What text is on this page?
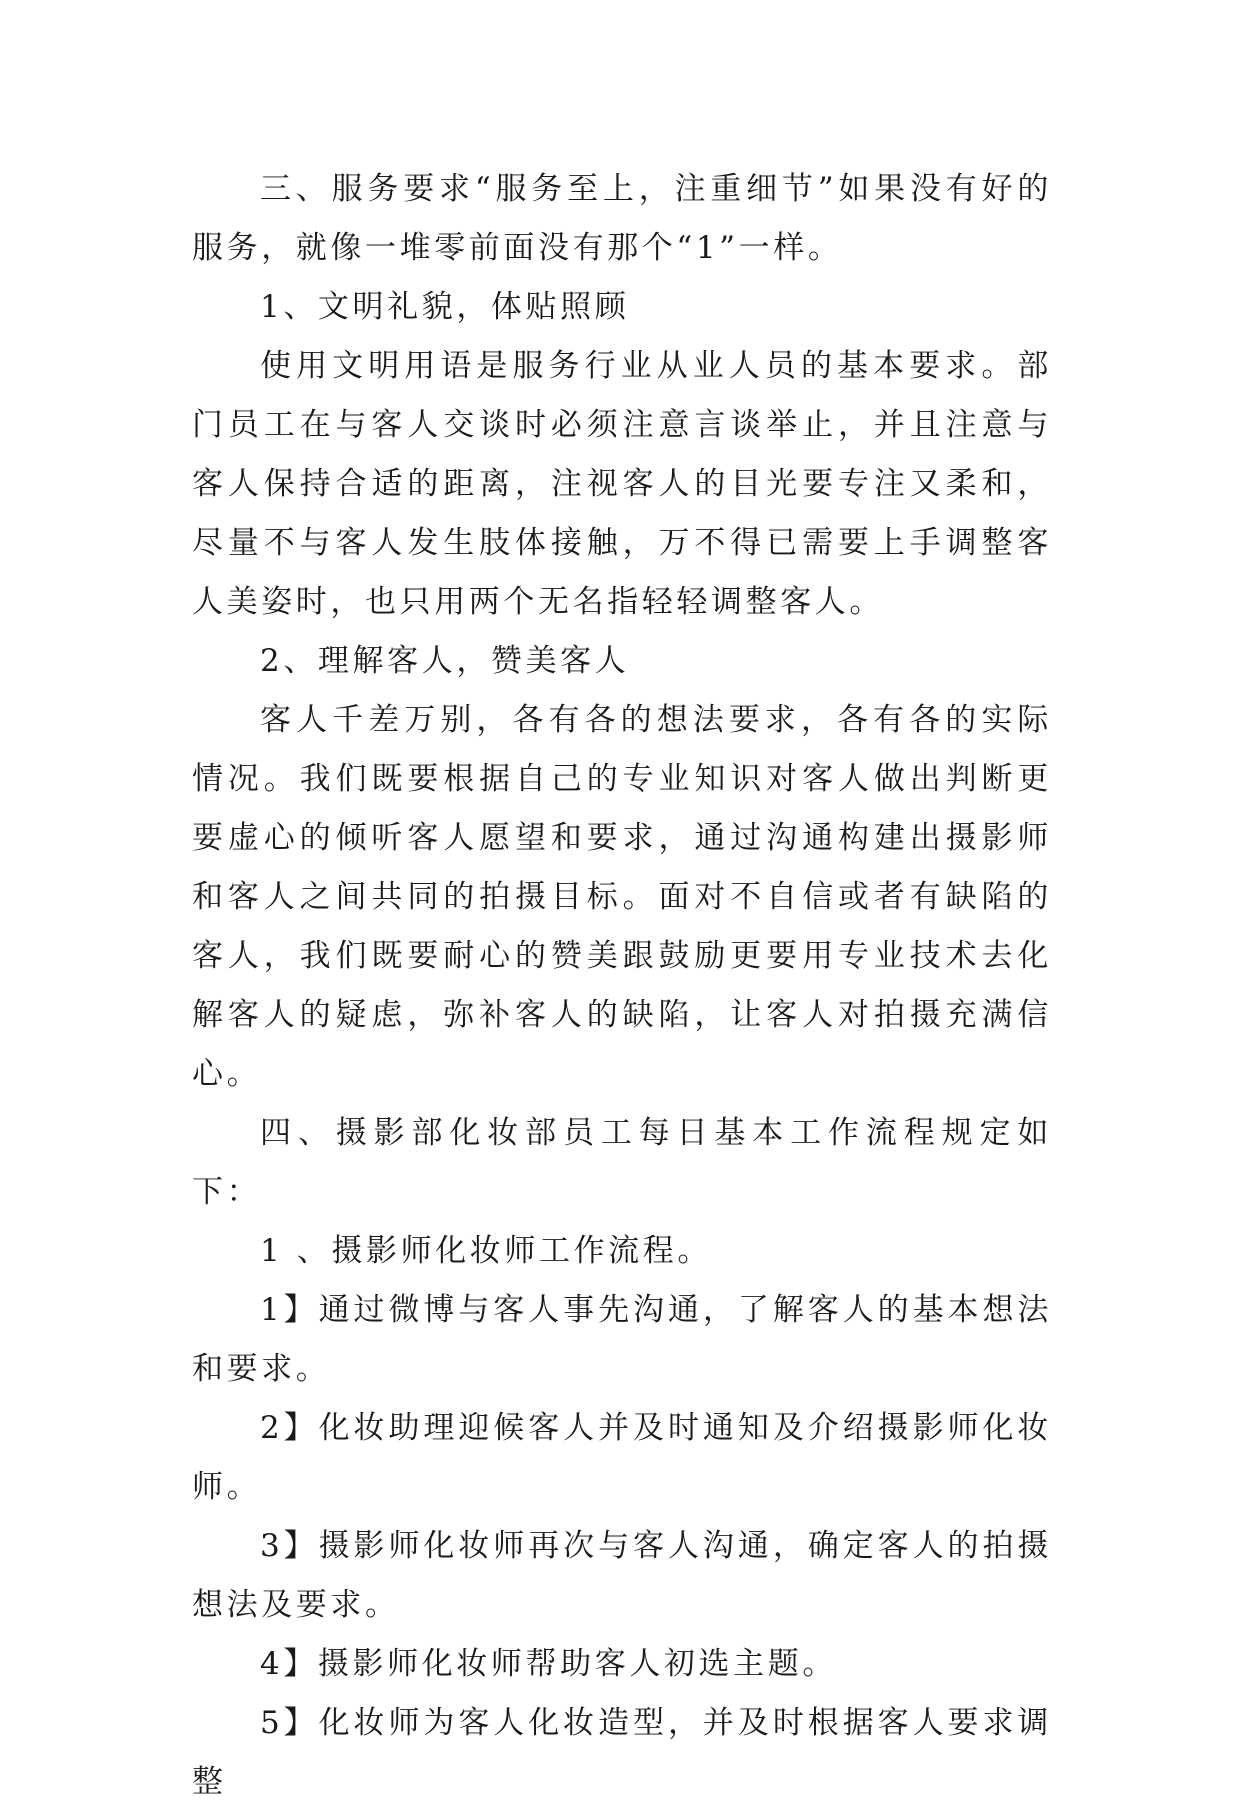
三、服务要求“服务至上，注重细节”如果没有好的服务，就像一堆零前面没有那个“1”一样。

1、文明礼貌，体贴照顾

使用文明用语是服务行业从业人员的基本要求。部门员工在与客人交谈时必须注意言谈举止，并且注意与客人保持合适的距离，注视客人的目光要专注又柔和，尽量不与客人发生肢体接触，万不得已需要上手调整客人美姿时，也只用两个无名指轻轻调整客人。

2、理解客人，赞美客人

客人千差万别，各有各的想法要求，各有各的实际情况。我们既要根据自己的专业知识对客人做出判断更要虚心的倾听客人愿望和要求，通过沟通构建出摄影师和客人之间共同的拍摄目标。面对不自信或者有缺陷的客人，我们既要耐心的赞美跟鼓励更要用专业技术去化解客人的疑虑，弥补客人的缺陷，让客人对拍摄充满信心。

四、摄影部化妆部员工每日基本工作流程规定如下：

1 、摄影师化妆师工作流程。

1】通过微博与客人事先沟通，了解客人的基本想法和要求。

2】化妆助理迎候客人并及时通知及介绍摄影师化妆师。

3】摄影师化妆师再次与客人沟通，确定客人的拍摄想法及要求。

4】摄影师化妆师帮助客人初选主题。

5】化妆师为客人化妆造型，并及时根据客人要求调整
